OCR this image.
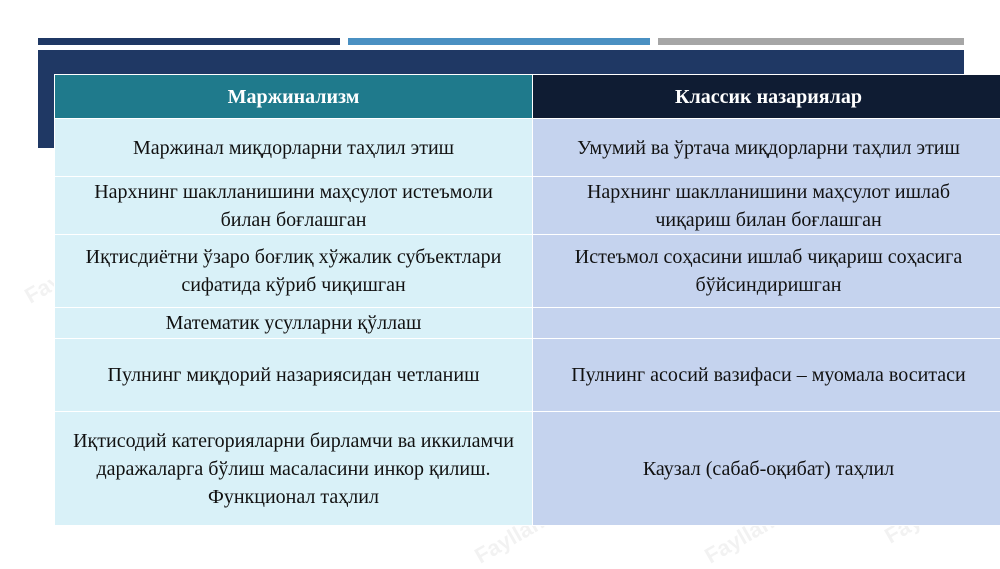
Fayllar.uz	Fayllar.uz
Маржинализм	Классик назариялар
Маржинал миқдорларни таҳлил этиш	Умумий ва ўртача миқдорларни таҳлил этиш
Нархнинг шаклланишини маҳсулот истеъмоли билан боғлашган	Нархнинг шаклланишини маҳсулот ишлаб чиқариш билан боғлашган
Иқтисдиётни ўзаро боғлиқ хўжалик субъектлари сифатида кўриб чиқишган	Истеъмол соҳасини ишлаб чиқариш соҳасига бўйсиндиришган
Математик усулларни қўллаш	
Пулнинг миқдорий назариясидан четланиш	Пулнинг асосий вазифаси – муомала воситаси
Иқтисодий категорияларни бирламчи ва иккиламчи даражаларга бўлиш масаласини инкор қилиш. Функционал таҳлил	Каузал (сабаб-оқибат) таҳлил
